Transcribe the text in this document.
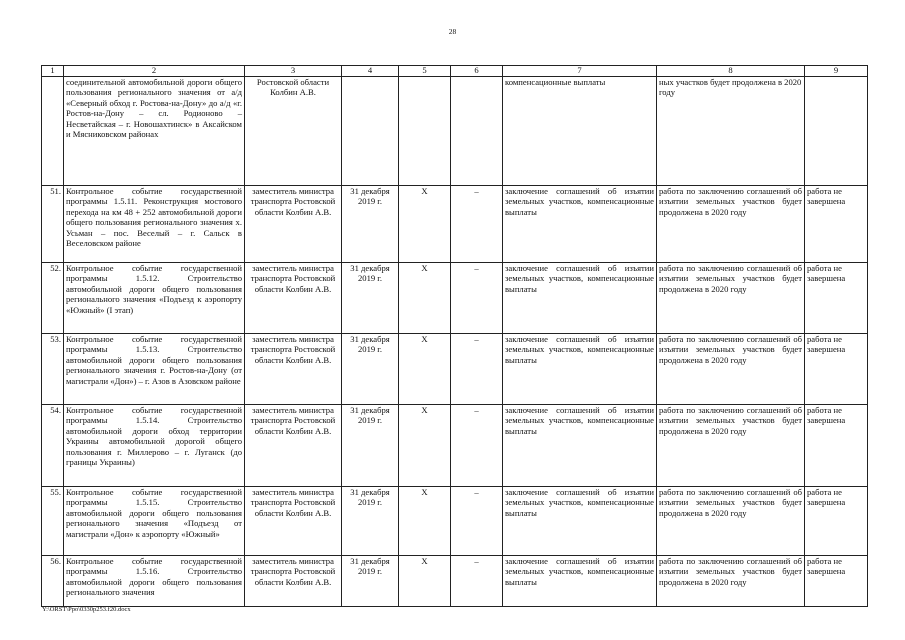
28
1	2	3	4	5	6	7	8	9
	соединительной автомобильной дороги общего пользования регионального значения от а/д «Северный обход г. Ростова-на-Дону» до а/д «г. Ростов-на-Дону – сл. Родионово – Несветайская – г. Новошахтинск» в Аксайском и Мясниковском районах	Ростовской области Колбин А.В.				компенсационные выплаты	ных участков будет продолжена в 2020 году	
51.	Контрольное событие государственной программы 1.5.11. Реконструкция мостового перехода на км 48 + 252 автомобильной дороги общего пользования регионального значения х. Усьман – пос. Веселый – г. Сальск в Веселовском районе	заместитель министра транспорта Ростовской области Колбин А.В.	31 декабря 2019 г.	Х	–	заключение соглашений об изъятии земельных участков, компенсационные выплаты	работа по заключению соглашений об изъятии земельных участков будет продолжена в 2020 году	работа не завершена
52.	Контрольное событие государственной программы 1.5.12. Строительство автомобильной дороги общего пользования регионального значения «Подъезд к аэропорту «Южный» (I этап)	заместитель министра транспорта Ростовской области Колбин А.В.	31 декабря 2019 г.	Х	–	заключение соглашений об изъятии земельных участков, компенсационные выплаты	работа по заключению соглашений об изъятии земельных участков будет продолжена в 2020 году	работа не завершена
53.	Контрольное событие государственной программы 1.5.13. Строительство автомобильной дороги общего пользования регионального значения г. Ростов-на-Дону (от магистрали «Дон») – г. Азов в Азовском районе	заместитель министра транспорта Ростовской области Колбин А.В.	31 декабря 2019 г.	Х	–	заключение соглашений об изъятии земельных участков, компенсационные выплаты	работа по заключению соглашений об изъятии земельных участков будет продолжена в 2020 году	работа не завершена
54.	Контрольное событие государственной программы 1.5.14. Строительство автомобильной дороги обход территории Украины автомобильной дорогой общего пользования г. Миллерово – г. Луганск (до границы Украины)	заместитель министра транспорта Ростовской области Колбин А.В.	31 декабря 2019 г.	Х	–	заключение соглашений об изъятии земельных участков, компенсационные выплаты	работа по заключению соглашений об изъятии земельных участков будет продолжена в 2020 году	работа не завершена
55.	Контрольное событие государственной программы 1.5.15. Строительство автомобильной дороги общего пользования регионального значения «Подъезд от магистрали «Дон» к аэропорту «Южный»	заместитель министра транспорта Ростовской области Колбин А.В.	31 декабря 2019 г.	Х	–	заключение соглашений об изъятии земельных участков, компенсационные выплаты	работа по заключению соглашений об изъятии земельных участков будет продолжена в 2020 году	работа не завершена
56.	Контрольное событие государственной программы 1.5.16. Строительство автомобильной дороги общего пользования регионального значения	заместитель министра транспорта Ростовской области Колбин А.В.	31 декабря 2019 г.	Х	–	заключение соглашений об изъятии земельных участков, компенсационные выплаты	работа по заключению соглашений об изъятии земельных участков будет продолжена в 2020 году	работа не завершена
Y:\ORST\Ppo\0330p253.f20.docx
